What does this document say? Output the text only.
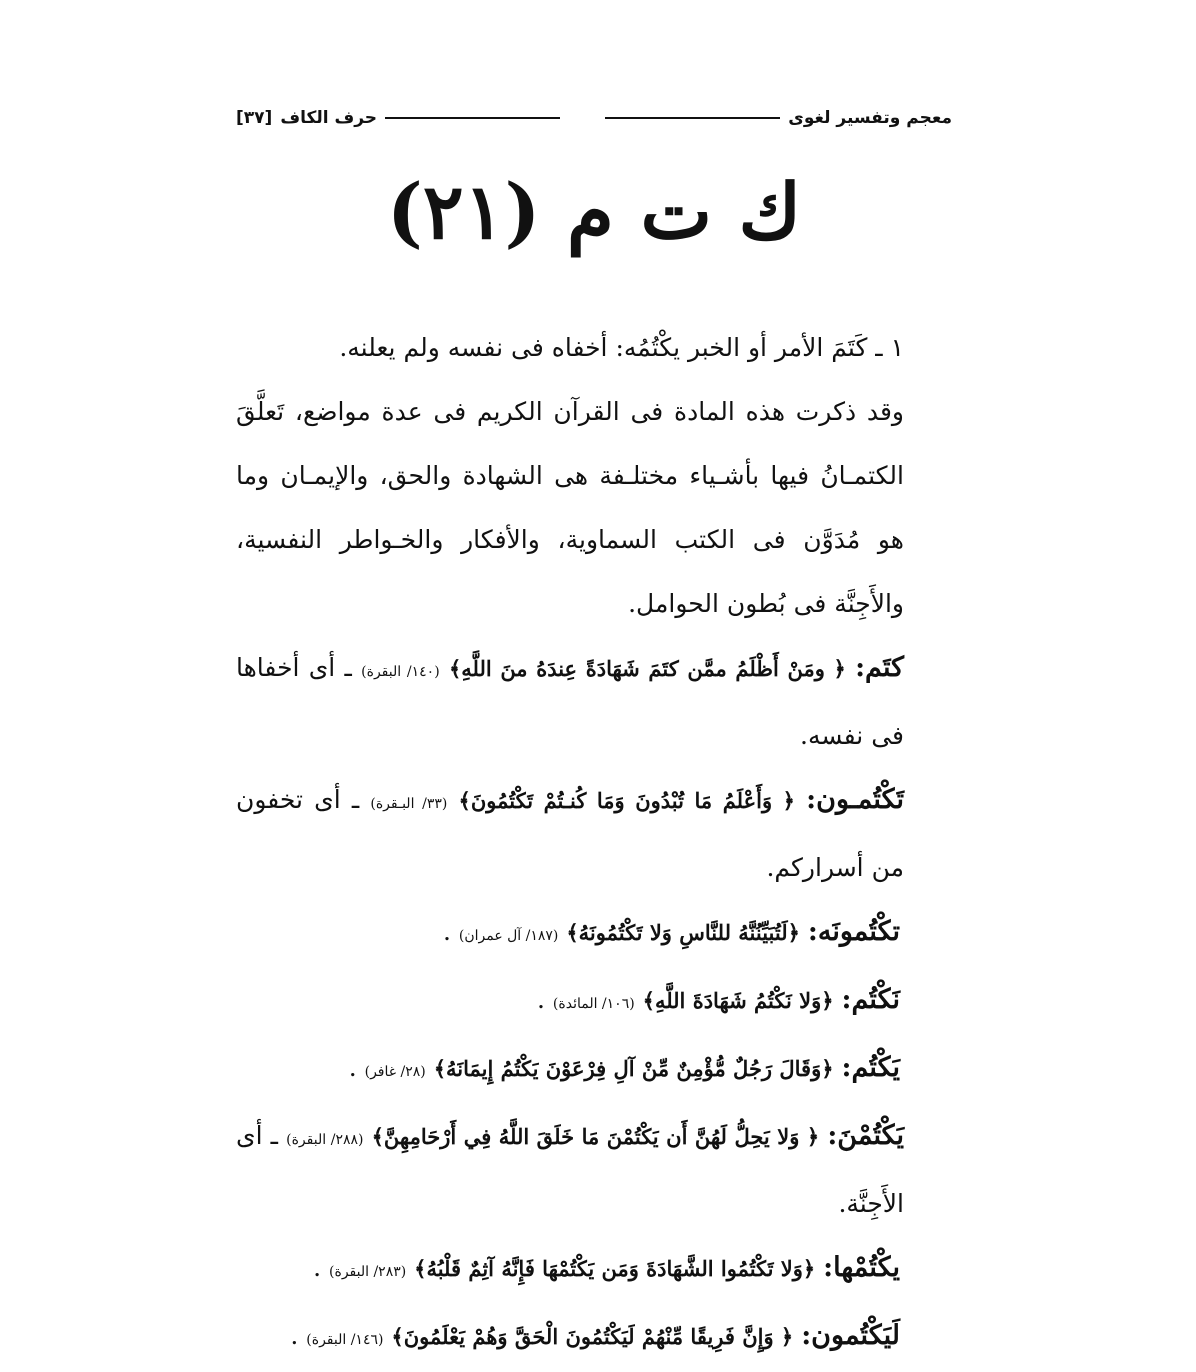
معجم وتفسير لغوى
حرف الكاف
[٣٧]
ك ت م (٢١)
١ ـ كَتَمَ الأمر أو الخبر يكْتُمُه: أخفاه فى نفسه ولم يعلنه.
وقد ذكرت هذه المادة فى القرآن الكريم فى عدة مواضع، تَعلَّقَ الكتمـانُ فيها بأشـياء مختلـفة هى الشهادة والحق، والإيمـان وما هو مُدَوَّن فى الكتب السماوية، والأفكار والخـواطر النفسية، والأَجِنَّة فى بُطون الحوامل.
كتَم: ﴿ ومَنْ أَظْلَمُ ممَّن كتَمَ شَهَادَةً عِندَهُ منَ اللَّهِ﴾ (١٤٠/ البقرة) ـ أى أخفاها فى نفسه.
تَكْتُمـون: ﴿ وَأَعْلَمُ مَا تُبْدُونَ وَمَا كُنـتُمْ تَكْتُمُونَ﴾ (٣٣/ البـقرة) ـ أى تخفون من أسراركم.
تكْتُمونَه: ﴿لَتُبَيِّنُنَّهُ للنَّاسِ وَلا تَكْتُمُونَهُ﴾ (١٨٧/ آل عمران) .
نَكْتُم: ﴿وَلا نَكْتُمُ شَهَادَةَ اللَّهِ﴾ (١٠٦/ المائدة) .
يَكْتُم: ﴿وَقَالَ رَجُلٌ مُّؤْمِنٌ مِّنْ آلِ فِرْعَوْنَ يَكْتُمُ إِيمَانَهُ﴾ (٢٨/ غافر) .
يَكْتُمْنَ: ﴿ وَلا يَحِلُّ لَهُنَّ أَن يَكْتُمْنَ مَا خَلَقَ اللَّهُ فِي أَرْحَامِهِنَّ﴾ (٢٨٨/ البقرة) ـ أى الأَجِنَّة.
يكْتُمْها: ﴿وَلا تَكْتُمُوا الشَّهَادَةَ وَمَن يَكْتُمْهَا فَإِنَّهُ آثِمٌ قَلْبُهُ﴾ (٢٨٣/ البقرة) .
لَيَكْتُمون: ﴿ وَإِنَّ فَرِيقًا مِّنْهُمْ لَيَكْتُمُونَ الْحَقَّ وَهُمْ يَعْلَمُونَ﴾ (١٤٦/ البقرة) .
